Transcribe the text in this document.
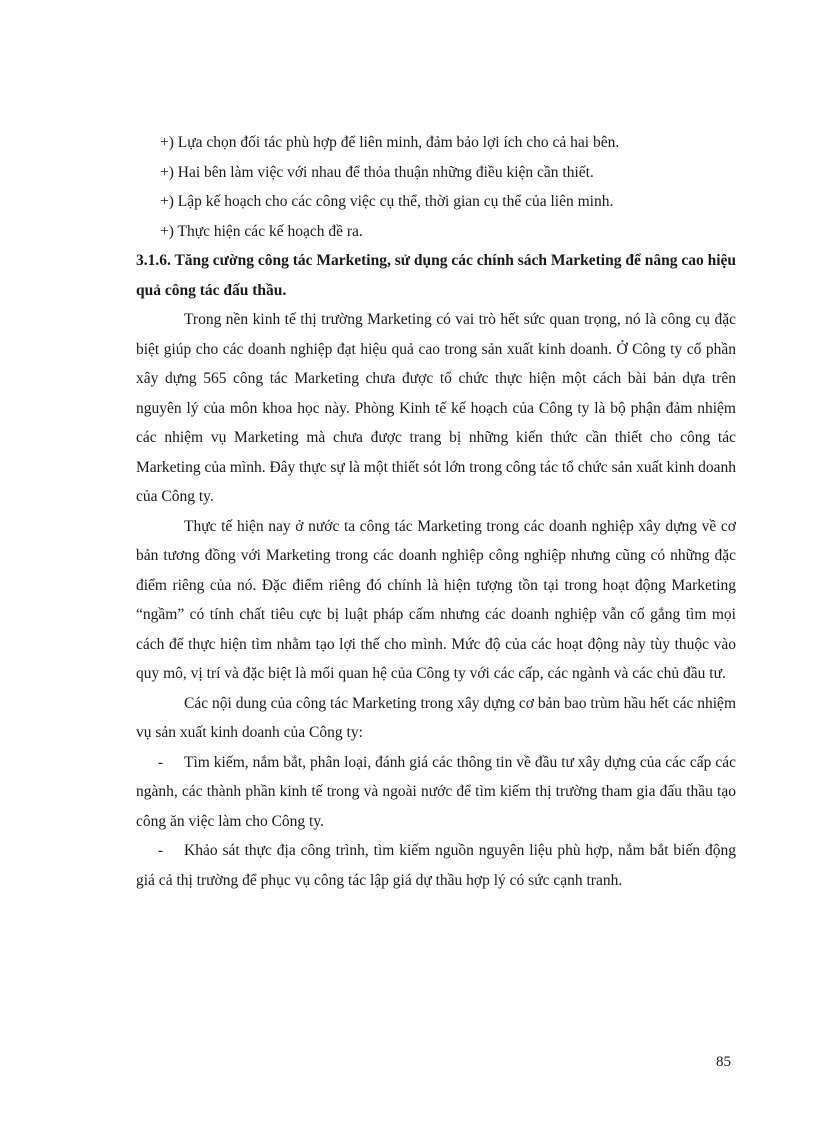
+) Lựa chọn đối tác phù hợp để liên minh, đảm bảo lợi ích cho cả hai bên.

+) Hai bên làm việc với nhau để thỏa thuận những điều kiện cần thiết.

+) Lập kế hoạch cho các công việc cụ thể, thời gian cụ thể của liên minh.

+) Thực hiện các kế hoạch đề ra.

3.1.6. Tăng cường công tác Marketing, sử dụng các chính sách Marketing để nâng cao hiệu quả công tác đấu thầu.

Trong nền kinh tế thị trường Marketing có vai trò hết sức quan trọng, nó là công cụ đặc biệt giúp cho các doanh nghiệp đạt hiệu quả cao trong sản xuất kinh doanh. Ở Công ty cổ phần xây dựng 565 công tác Marketing chưa được tổ chức thực hiện một cách bài bản dựa trên nguyên lý của môn khoa học này. Phòng Kinh tế kế hoạch của Công ty là bộ phận đảm nhiệm các nhiệm vụ Marketing mà chưa được trang bị những kiến thức cần thiết cho công tác Marketing của mình. Đây thực sự là một thiết sót lớn trong công tác tổ chức sản xuất kinh doanh của Công ty.

Thực tế hiện nay ở nước ta công tác Marketing trong các doanh nghiệp xây dựng về cơ bản tương đồng với Marketing trong các doanh nghiệp công nghiệp nhưng cũng có những đặc điểm riêng của nó. Đặc điểm riêng đó chính là hiện tượng tồn tại trong hoạt động Marketing “ngầm” có tính chất tiêu cực bị luật pháp cấm nhưng các doanh nghiệp vẫn cố gắng tìm mọi cách để thực hiện tìm nhằm tạo lợi thế cho mình. Mức độ của các hoạt động này tùy thuộc vào quy mô, vị trí và đặc biệt là mối quan hệ của Công ty với các cấp, các ngành và các chủ đầu tư.

Các nội dung của công tác Marketing trong xây dựng cơ bản bao trùm hầu hết các nhiệm vụ sản xuất kinh doanh của Công ty:

- Tìm kiếm, nắm bắt, phân loại, đánh giá các thông tin về đầu tư xây dựng của các cấp các ngành, các thành phần kinh tế trong và ngoài nước để tìm kiếm thị trường tham gia đấu thầu tạo công ăn việc làm cho Công ty.

- Khảo sát thực địa công trình, tìm kiếm nguồn nguyên liệu phù hợp, nắm bắt biến động giá cả thị trường để phục vụ công tác lập giá dự thầu hợp lý có sức cạnh tranh.

85
